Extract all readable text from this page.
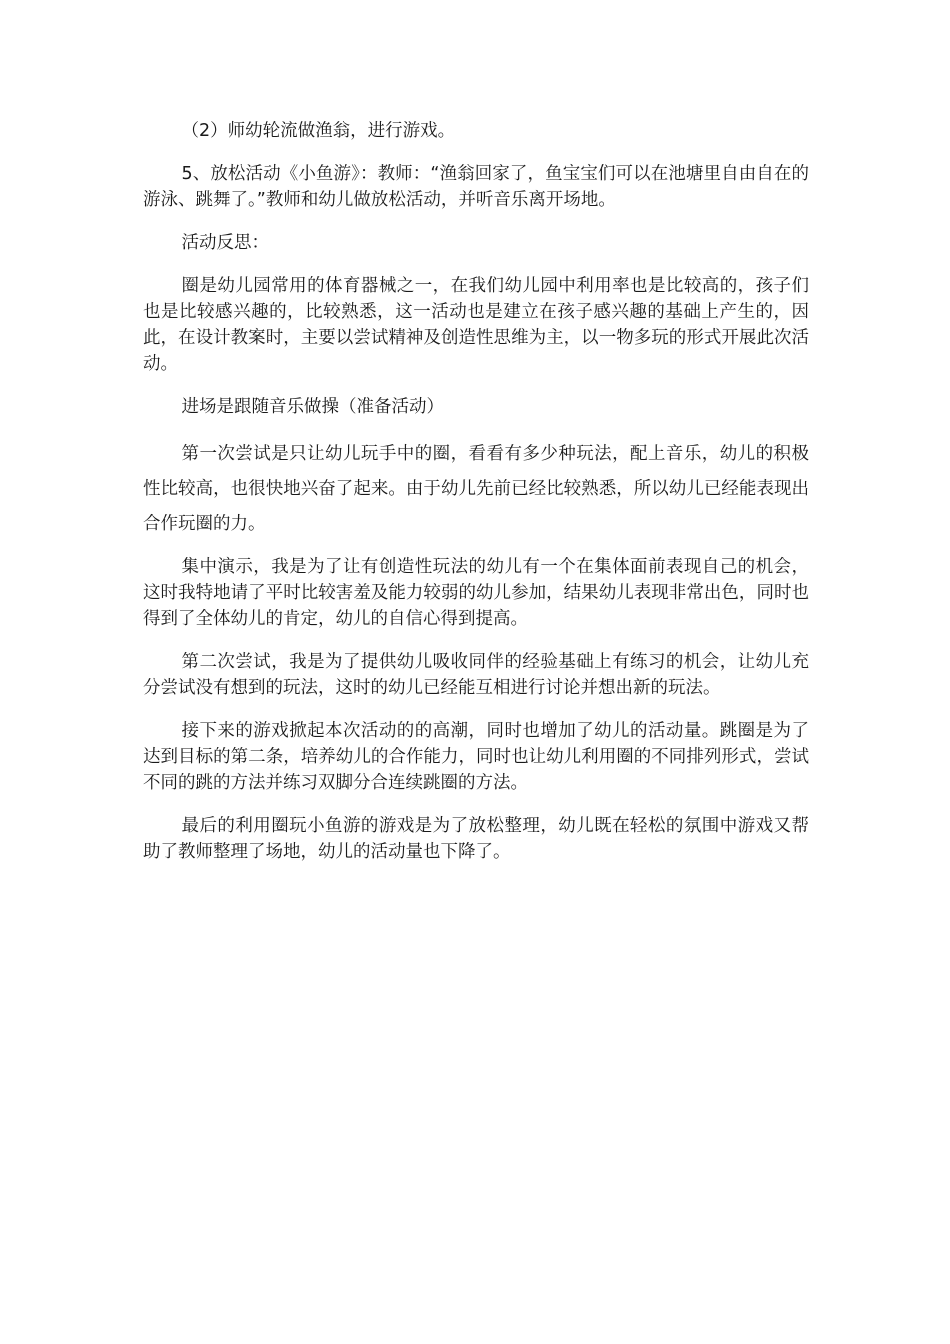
（2）师幼轮流做渔翁，进行游戏。

5、放松活动《小鱼游》：教师：“渔翁回家了，鱼宝宝们可以在池塘里自由自在的游泳、跳舞了。”教师和幼儿做放松活动，并听音乐离开场地。

活动反思：

圈是幼儿园常用的体育器械之一，在我们幼儿园中利用率也是比较高的，孩子们也是比较感兴趣的，比较熟悉，这一活动也是建立在孩子感兴趣的基础上产生的，因此，在设计教案时，主要以尝试精神及创造性思维为主，以一物多玩的形式开展此次活动。

进场是跟随音乐做操（准备活动）

第一次尝试是只让幼儿玩手中的圈，看看有多少种玩法，配上音乐，幼儿的积极 性比较高，也很快地兴奋了起来。由于幼儿先前已经比较熟悉，所以幼儿已经能表现出合作玩圈的力。

集中演示，我是为了让有创造性玩法的幼儿有一个在集体面前表现自己的机会，这时我特地请了平时比较害羞及能力较弱的幼儿参加，结果幼儿表现非常出色，同时也得到了全体幼儿的肯定，幼儿的自信心得到提高。

第二次尝试，我是为了提供幼儿吸收同伴的经验基础上有练习的机会，让幼儿充分尝试没有想到的玩法，这时的幼儿已经能互相进行讨论并想出新的玩法。

接下来的游戏掀起本次活动的的高潮，同时也增加了幼儿的活动量。跳圈是为了达到目标的第二条，培养幼儿的合作能力，同时也让幼儿利用圈的不同排列形式，尝试不同的跳的方法并练习双脚分合连续跳圈的方法。

最后的利用圈玩小鱼游的游戏是为了放松整理，幼儿既在轻松的氛围中游戏又帮助了教师整理了场地，幼儿的活动量也下降了。
